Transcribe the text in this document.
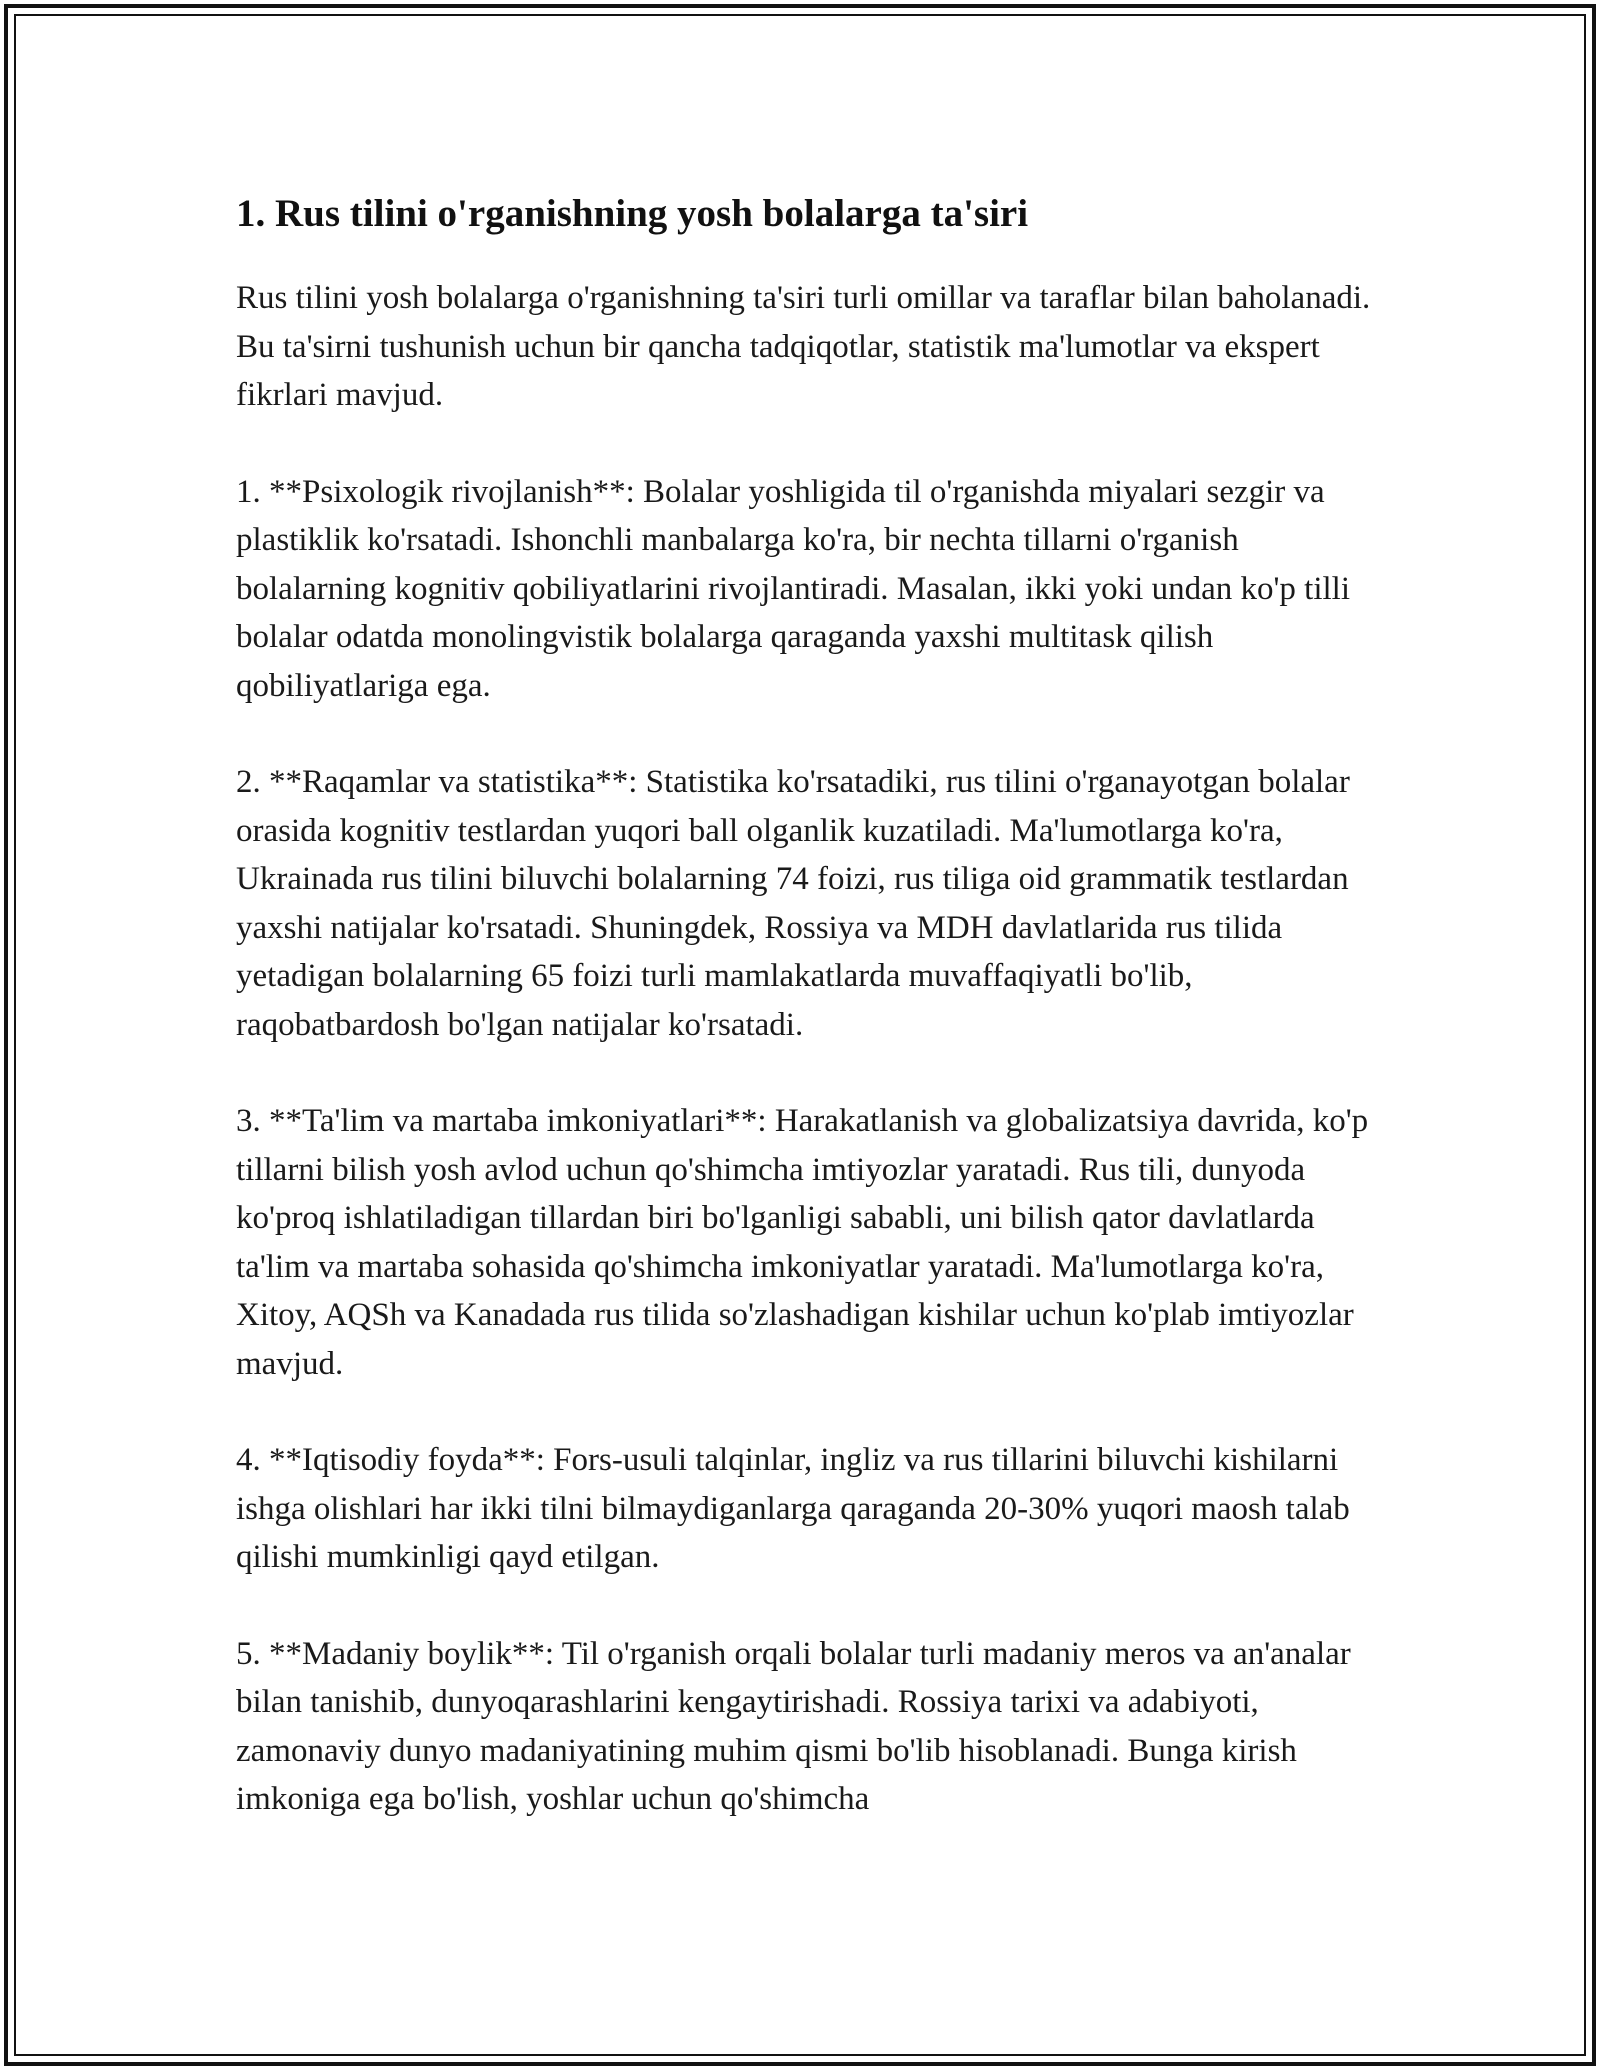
1. Rus tilini o'rganishning yosh bolalarga ta'siri

Rus tilini yosh bolalarga o'rganishning ta'siri turli omillar va taraflar bilan baholanadi. Bu ta'sirni tushunish uchun bir qancha tadqiqotlar, statistik ma'lumotlar va ekspert fikrlari mavjud.

1. **Psixologik rivojlanish**: Bolalar yoshligida til o'rganishda miyalari sezgir va plastiklik ko'rsatadi. Ishonchli manbalarga ko'ra, bir nechta tillarni o'rganish bolalarning kognitiv qobiliyatlarini rivojlantiradi. Masalan, ikki yoki undan ko'p tilli bolalar odatda monolingvistik bolalarga qaraganda yaxshi multitask qilish qobiliyatlariga ega.

2. **Raqamlar va statistika**: Statistika ko'rsatadiki, rus tilini o'rganayotgan bolalar orasida kognitiv testlardan yuqori ball olganlik kuzatiladi. Ma'lumotlarga ko'ra, Ukrainada rus tilini biluvchi bolalarning 74 foizi, rus tiliga oid grammatik testlardan yaxshi natijalar ko'rsatadi. Shuningdek, Rossiya va MDH davlatlarida rus tilida yetadigan bolalarning 65 foizi turli mamlakatlarda muvaffaqiyatli bo'lib, raqobatbardosh bo'lgan natijalar ko'rsatadi.

3. **Ta'lim va martaba imkoniyatlari**: Harakatlanish va globalizatsiya davrida, ko'p tillarni bilish yosh avlod uchun qo'shimcha imtiyozlar yaratadi. Rus tili, dunyoda ko'proq ishlatiladigan tillardan biri bo'lganligi sababli, uni bilish qator davlatlarda ta'lim va martaba sohasida qo'shimcha imkoniyatlar yaratadi. Ma'lumotlarga ko'ra, Xitoy, AQSh va Kanadada rus tilida so'zlashadigan kishilar uchun ko'plab imtiyozlar mavjud.

4. **Iqtisodiy foyda**: Fors-usuli talqinlar, ingliz va rus tillarini biluvchi kishilarni ishga olishlari har ikki tilni bilmaydiganlarga qaraganda 20-30% yuqori maosh talab qilishi mumkinligi qayd etilgan.

5. **Madaniy boylik**: Til o'rganish orqali bolalar turli madaniy meros va an'analar bilan tanishib, dunyoqarashlarini kengaytirishadi. Rossiya tarixi va adabiyoti, zamonaviy dunyo madaniyatining muhim qismi bo'lib hisoblanadi. Bunga kirish imkoniga ega bo'lish, yoshlar uchun qo'shimcha
